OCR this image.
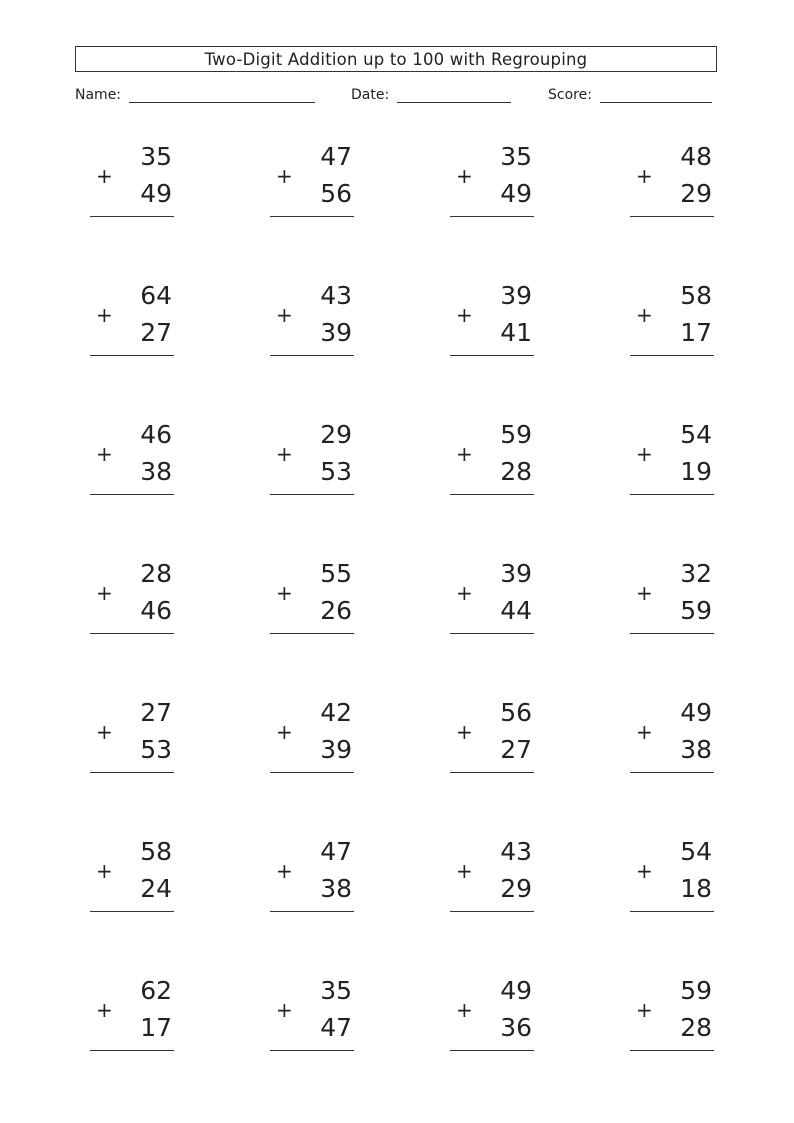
Two-Digit Addition up to 100 with Regrouping
Name:	Date:	Score:
35
+
49
47
+
56
35
+
49
48
+
29
64
+
27
43
+
39
39
+
41
58
+
17
46
+
38
29
+
53
59
+
28
54
+
19
28
+
46
55
+
26
39
+
44
32
+
59
27
+
53
42
+
39
56
+
27
49
+
38
58
+
24
47
+
38
43
+
29
54
+
18
62
+
17
35
+
47
49
+
36
59
+
28
